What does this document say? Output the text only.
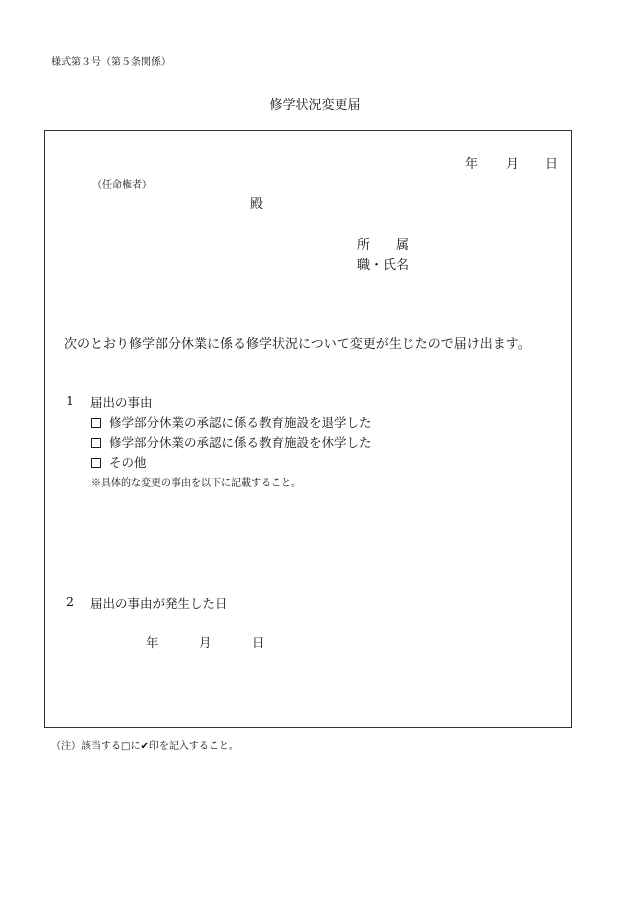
様式第３号（第５条関係）
修学状況変更届
年 月 日
（任命権者）
殿
所　　属
職・氏名
次のとおり修学部分休業に係る修学状況について変更が生じたので届け出ます。
1 届出の事由
修学部分休業の承認に係る教育施設を退学した
修学部分休業の承認に係る教育施設を休学した
その他
※具体的な変更の事由を以下に記載すること。
2 届出の事由が発生した日
年	月	日
（注）該当する□に✔印を記入すること。
